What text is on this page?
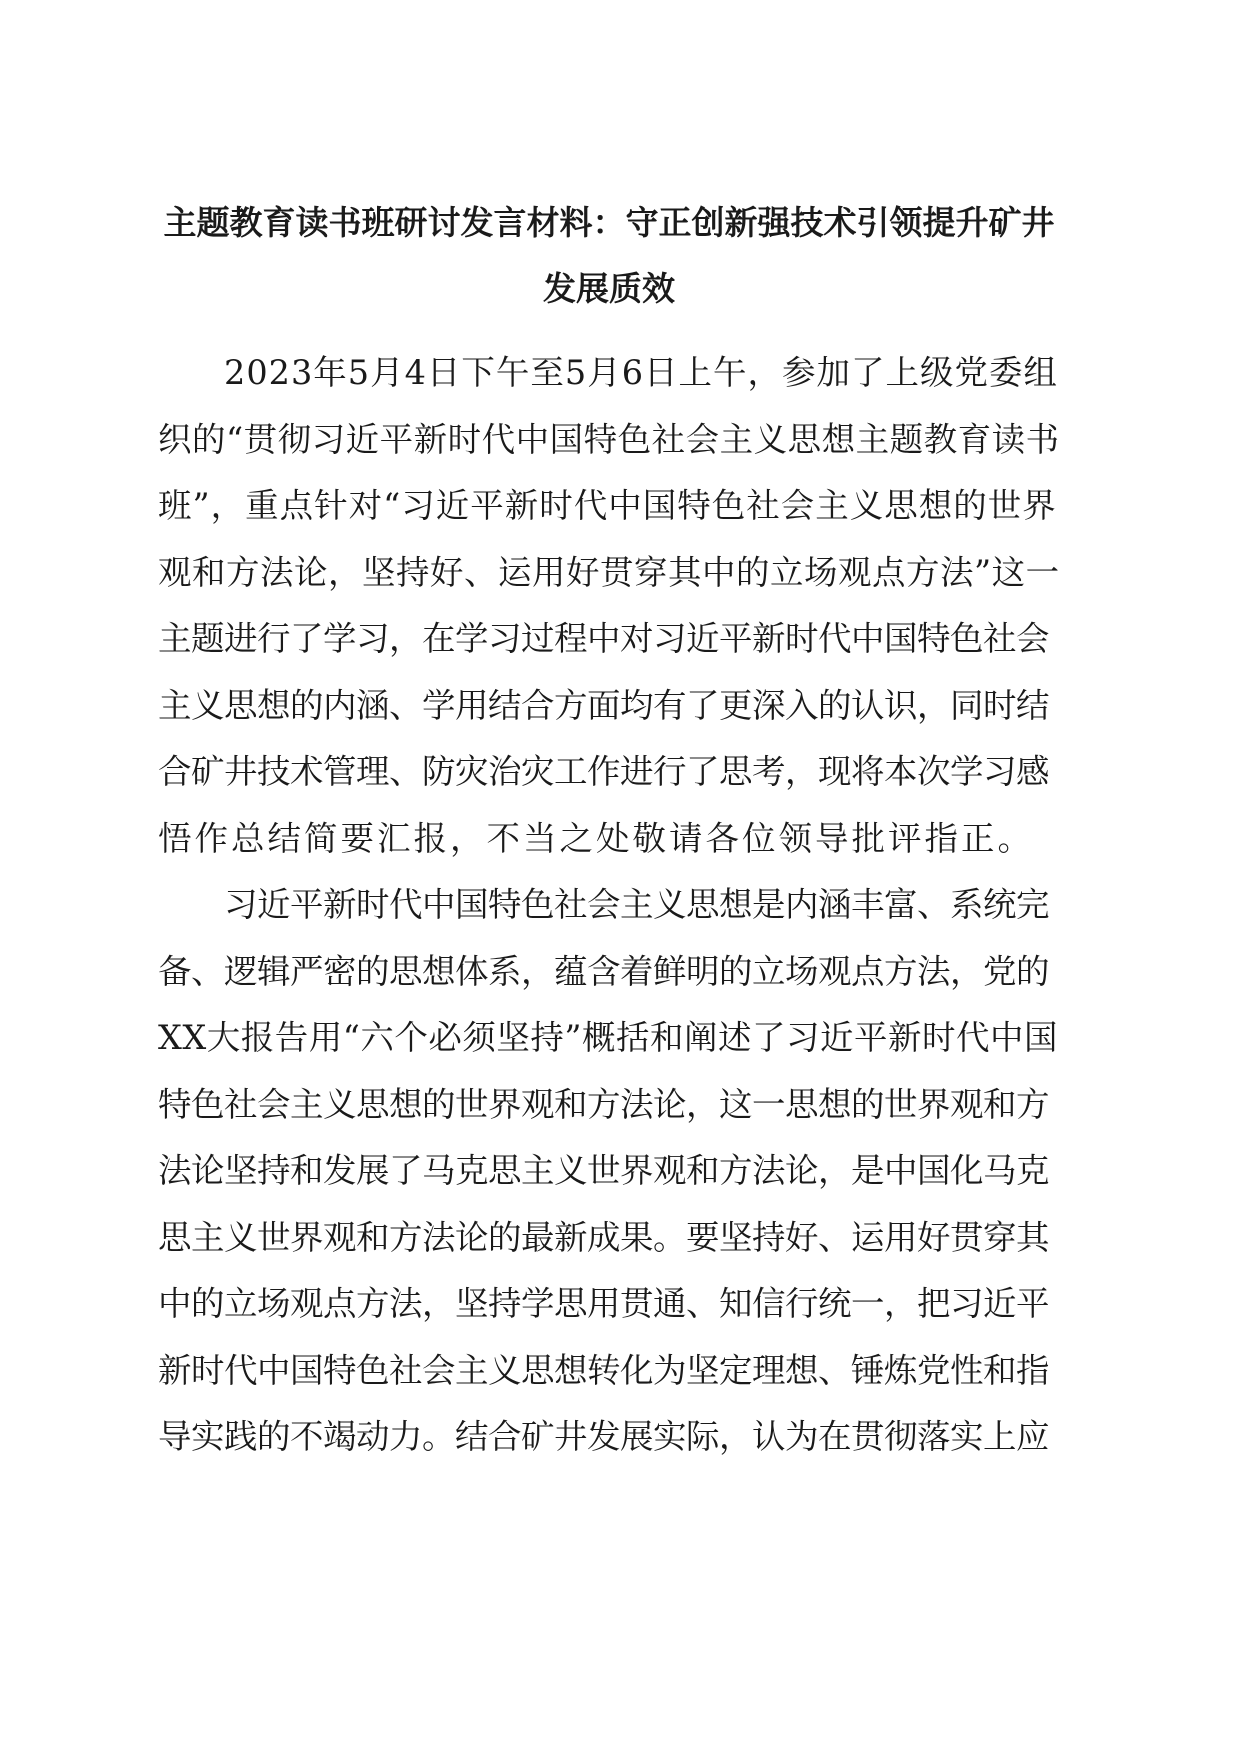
主题教育读书班研讨发言材料：守正创新强技术引领提升矿井
发展质效

2023年5月4日下午至5月6日上午，参加了上级党委组
织的“贯彻习近平新时代中国特色社会主义思想主题教育读书
班”，重点针对“习近平新时代中国特色社会主义思想的世界
观和方法论，坚持好、运用好贯穿其中的立场观点方法”这一
主题进行了学习，在学习过程中对习近平新时代中国特色社会
主义思想的内涵、学用结合方面均有了更深入的认识，同时结
合矿井技术管理、防灾治灾工作进行了思考，现将本次学习感
悟作总结简要汇报，不当之处敬请各位领导批评指正。

习近平新时代中国特色社会主义思想是内涵丰富、系统完
备、逻辑严密的思想体系，蕴含着鲜明的立场观点方法，党的
XX大报告用“六个必须坚持”概括和阐述了习近平新时代中国
特色社会主义思想的世界观和方法论，这一思想的世界观和方
法论坚持和发展了马克思主义世界观和方法论，是中国化马克
思主义世界观和方法论的最新成果。要坚持好、运用好贯穿其
中的立场观点方法，坚持学思用贯通、知信行统一，把习近平
新时代中国特色社会主义思想转化为坚定理想、锤炼党性和指
导实践的不竭动力。结合矿井发展实际，认为在贯彻落实上应
